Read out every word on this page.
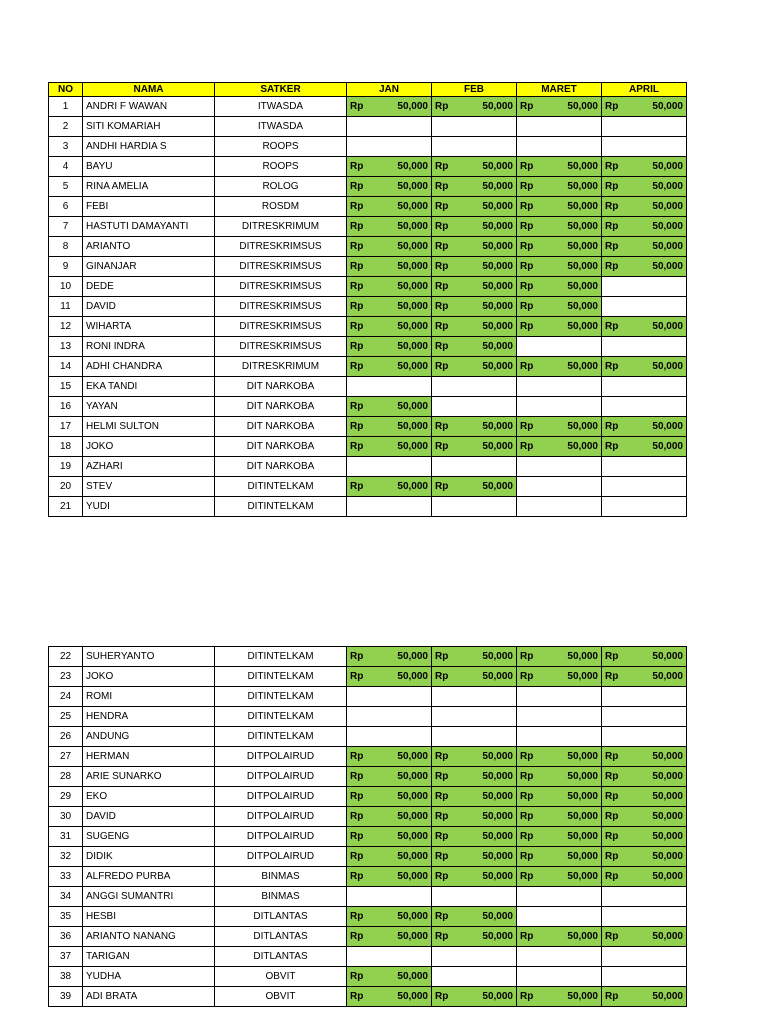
NO	NAMA	SATKER	JAN	FEB	MARET	APRIL
1	ANDRI F WAWAN	ITWASDA	Rp 50,000	Rp 50,000	Rp 50,000	Rp 50,000

2	SITI KOMARIAH	ITWASDA				
3	ANDHI HARDIA S	ROOPS				
4	BAYU	ROOPS	Rp 50,000	Rp 50,000	Rp 50,000	Rp 50,000

5	RINA AMELIA	ROLOG	Rp 50,000	Rp 50,000	Rp 50,000	Rp 50,000

6	FEBI	ROSDM	Rp 50,000	Rp 50,000	Rp 50,000	Rp 50,000

7	HASTUTI DAMAYANTI	DITRESKRIMUM	Rp 50,000	Rp 50,000	Rp 50,000	Rp 50,000

8	ARIANTO	DITRESKRIMSUS	Rp 50,000	Rp 50,000	Rp 50,000	Rp 50,000

9	GINANJAR	DITRESKRIMSUS	Rp 50,000	Rp 50,000	Rp 50,000	Rp 50,000

10	DEDE	DITRESKRIMSUS	Rp 50,000	Rp 50,000	Rp 50,000	

11	DAVID	DITRESKRIMSUS	Rp 50,000	Rp 50,000	Rp 50,000	

12	WIHARTA	DITRESKRIMSUS	Rp 50,000	Rp 50,000	Rp 50,000	Rp 50,000

13	RONI INDRA	DITRESKRIMSUS	Rp 50,000	Rp 50,000		

14	ADHI CHANDRA	DITRESKRIMUM	Rp 50,000	Rp 50,000	Rp 50,000	Rp 50,000

15	EKA TANDI	DIT NARKOBA				
16	YAYAN	DIT NARKOBA	Rp 50,000			

17	HELMI SULTON	DIT NARKOBA	Rp 50,000	Rp 50,000	Rp 50,000	Rp 50,000

18	JOKO	DIT NARKOBA	Rp 50,000	Rp 50,000	Rp 50,000	Rp 50,000

19	AZHARI	DIT NARKOBA				
20	STEV	DITINTELKAM	Rp 50,000	Rp 50,000		

21	YUDI	DITINTELKAM				
22	SUHERYANTO	DITINTELKAM	Rp 50,000	Rp 50,000	Rp 50,000	Rp 50,000

23	JOKO	DITINTELKAM	Rp 50,000	Rp 50,000	Rp 50,000	Rp 50,000

24	ROMI	DITINTELKAM				
25	HENDRA	DITINTELKAM				
26	ANDUNG	DITINTELKAM				
27	HERMAN	DITPOLAIRUD	Rp 50,000	Rp 50,000	Rp 50,000	Rp 50,000

28	ARIE SUNARKO	DITPOLAIRUD	Rp 50,000	Rp 50,000	Rp 50,000	Rp 50,000

29	EKO	DITPOLAIRUD	Rp 50,000	Rp 50,000	Rp 50,000	Rp 50,000

30	DAVID	DITPOLAIRUD	Rp 50,000	Rp 50,000	Rp 50,000	Rp 50,000

31	SUGENG	DITPOLAIRUD	Rp 50,000	Rp 50,000	Rp 50,000	Rp 50,000

32	DIDIK	DITPOLAIRUD	Rp 50,000	Rp 50,000	Rp 50,000	Rp 50,000

33	ALFREDO PURBA	BINMAS	Rp 50,000	Rp 50,000	Rp 50,000	Rp 50,000

34	ANGGI SUMANTRI	BINMAS				
35	HESBI	DITLANTAS	Rp 50,000	Rp 50,000		

36	ARIANTO NANANG	DITLANTAS	Rp 50,000	Rp 50,000	Rp 50,000	Rp 50,000

37	TARIGAN	DITLANTAS				
38	YUDHA	OBVIT	Rp 50,000			

39	ADI BRATA	OBVIT	Rp 50,000	Rp 50,000	Rp 50,000	Rp 50,000
